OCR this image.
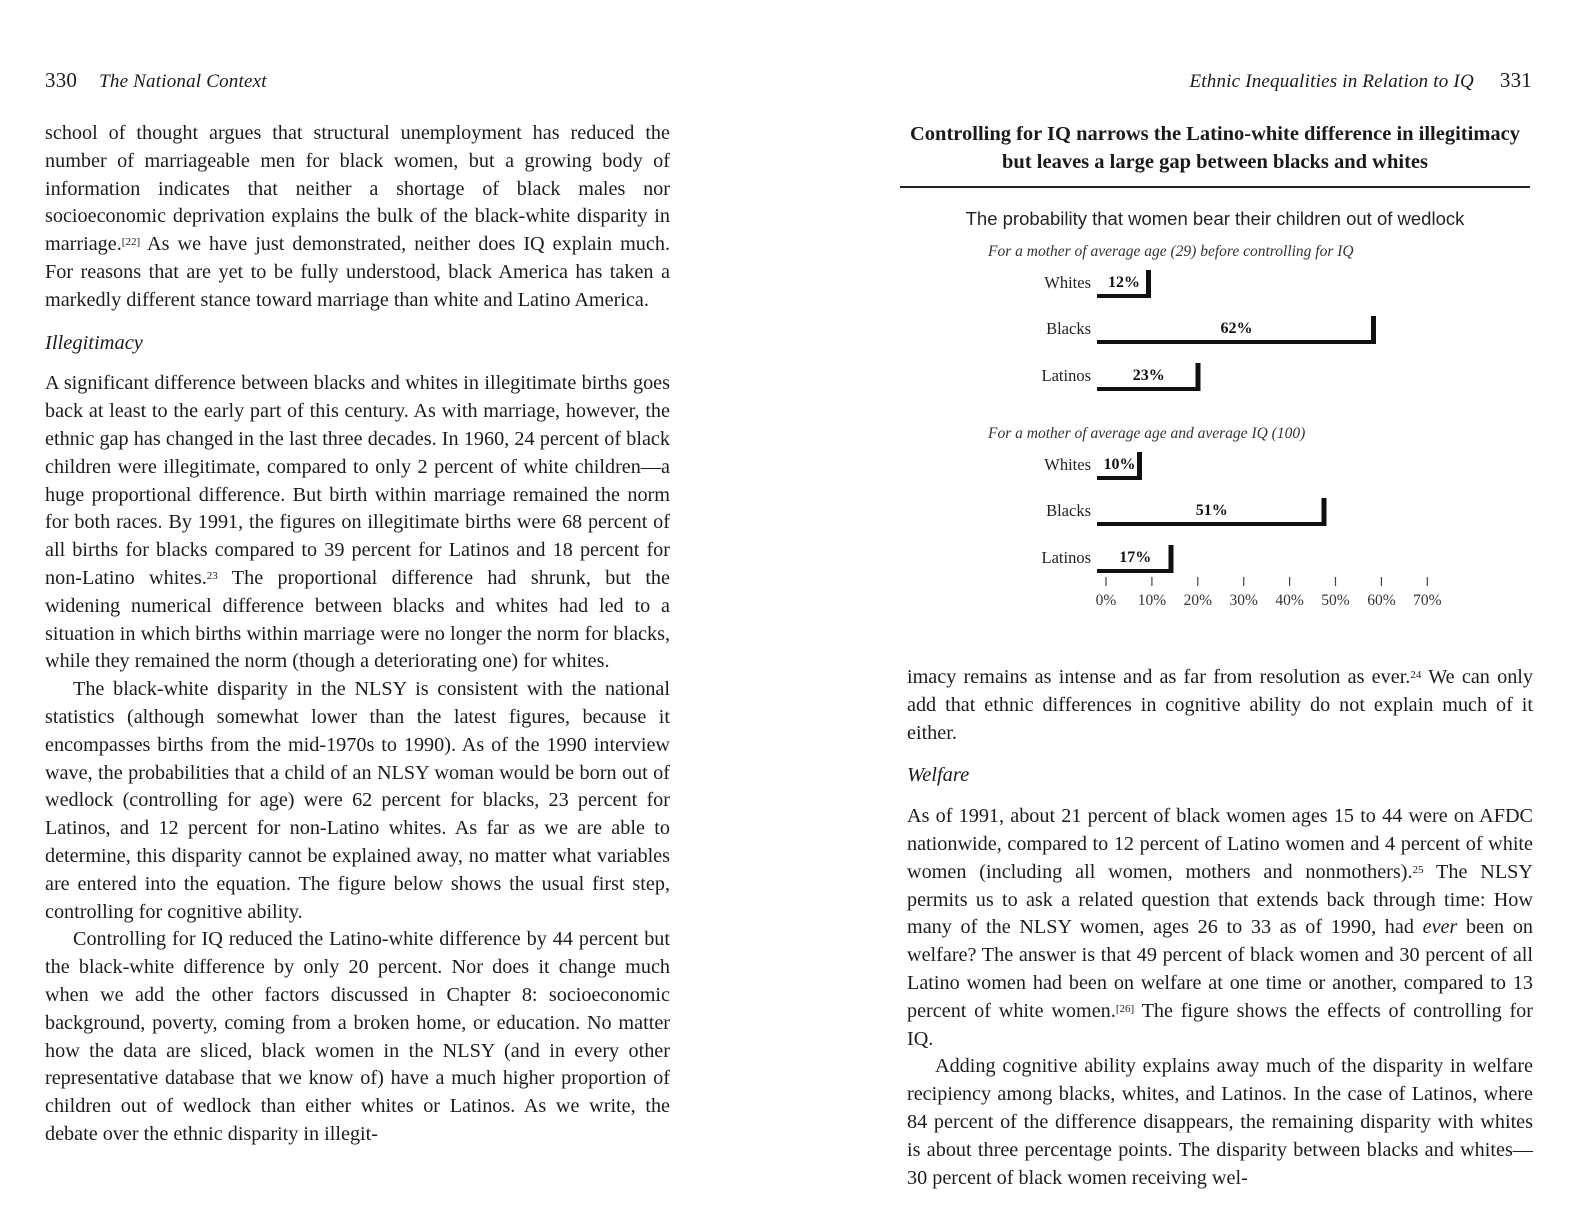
330 The National Context

school of thought argues that structural unemployment has reduced the number of marriageable men for black women, but a growing body of information indicates that neither a shortage of black males nor socioeconomic deprivation explains the bulk of the black-white disparity in marriage.[22] As we have just demonstrated, neither does IQ explain much. For reasons that are yet to be fully understood, black America has taken a markedly different stance toward marriage than white and Latino America.

Illegitimacy

A significant difference between blacks and whites in illegitimate births goes back at least to the early part of this century. As with marriage, however, the ethnic gap has changed in the last three decades. In 1960, 24 percent of black children were illegitimate, compared to only 2 percent of white children—a huge proportional difference. But birth within marriage remained the norm for both races. By 1991, the figures on illegitimate births were 68 percent of all births for blacks compared to 39 percent for Latinos and 18 percent for non-Latino whites.$^{23}$ The proportional difference had shrunk, but the widening numerical difference between blacks and whites had led to a situation in which births within marriage were no longer the norm for blacks, while they remained the norm (though a deteriorating one) for whites.

The black-white disparity in the NLSY is consistent with the national statistics (although somewhat lower than the latest figures, because it encompasses births from the mid-1970s to 1990). As of the 1990 interview wave, the probabilities that a child of an NLSY woman would be born out of wedlock (controlling for age) were 62 percent for blacks, 23 percent for Latinos, and 12 percent for non-Latino whites. As far as we are able to determine, this disparity cannot be explained away, no matter what variables are entered into the equation. The figure below shows the usual first step, controlling for cognitive ability.

Controlling for IQ reduced the Latino-white difference by 44 percent but the black-white difference by only 20 percent. Nor does it change much when we add the other factors discussed in Chapter 8: socioeconomic background, poverty, coming from a broken home, or education. No matter how the data are sliced, black women in the NLSY (and in every other representative database that we know of) have a much higher proportion of children out of wedlock than either whites or Latinos. As we write, the debate over the ethnic disparity in illegit-

Ethnic Inequalities in Relation to IQ 331
Controlling for IQ narrows the Latino-white difference in illegitimacy but leaves a large gap between blacks and whites
The probability that women bear their children out of wedlock
For a mother of average age (29) before controlling for IQ
Whites 12%
Blacks	62%
Latinos	23%
For a mother of average age and average IQ (100)
Whites 10%
Blacks	51%
Latinos 17%
0% 10% 20% 30% 40% 50% 60% 70%

imacy remains as intense and as far from resolution as ever.$^{24}$ We can only add that ethnic differences in cognitive ability do not explain much of it either.

Welfare

As of 1991, about 21 percent of black women ages 15 to 44 were on AFDC nationwide, compared to 12 percent of Latino women and 4 percent of white women (including all women, mothers and nonmothers).$^{25}$ The NLSY permits us to ask a related question that extends back through time: How many of the NLSY women, ages 26 to 33 as of 1990, had ever been on welfare? The answer is that 49 percent of black women and 30 percent of all Latino women had been on welfare at one time or another, compared to 13 percent of white women.[26] The figure shows the effects of controlling for IQ.

Adding cognitive ability explains away much of the disparity in welfare recipiency among blacks, whites, and Latinos. In the case of Latinos, where 84 percent of the difference disappears, the remaining disparity with whites is about three percentage points. The disparity between blacks and whites—30 percent of black women receiving wel-
